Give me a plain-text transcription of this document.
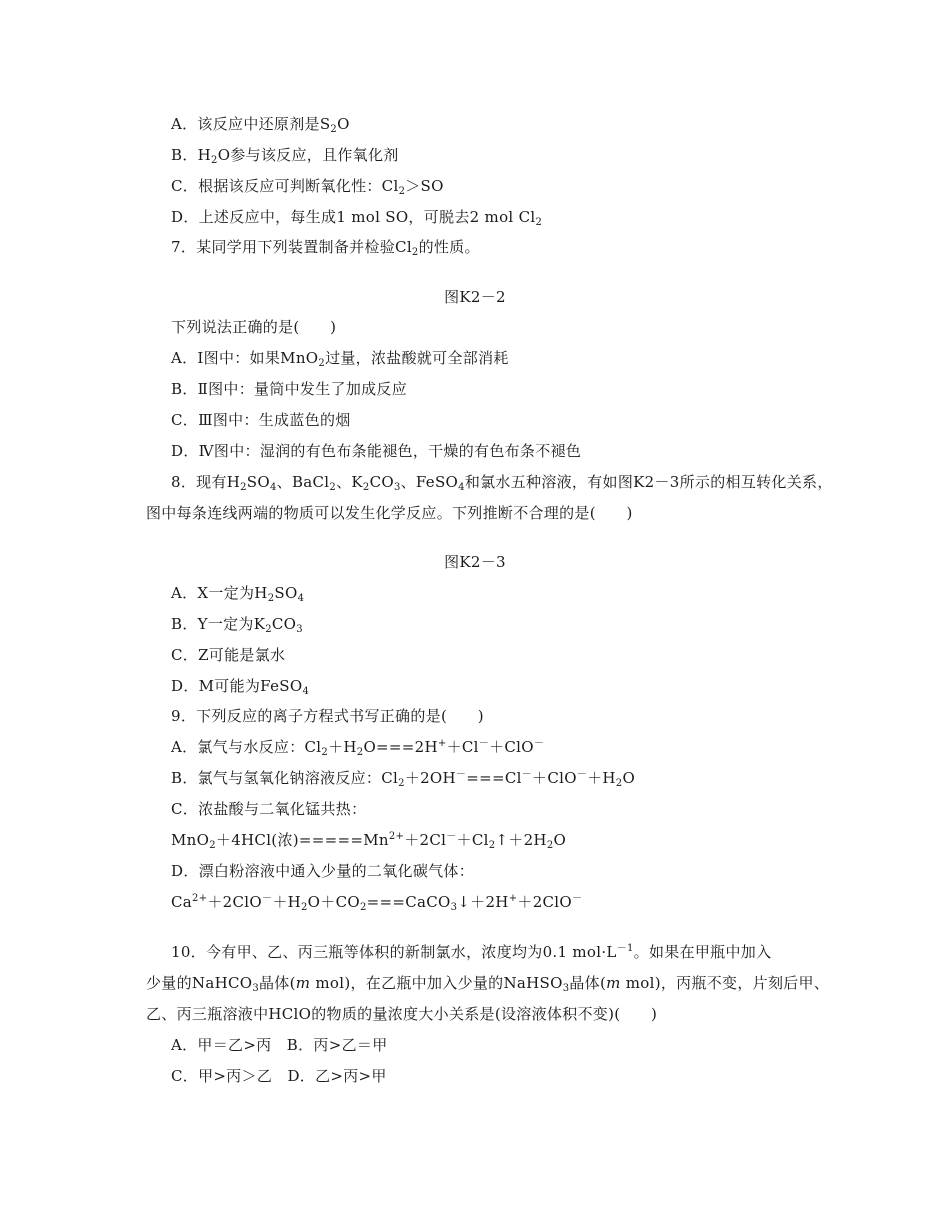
A．该反应中还原剂是$S_2O$
B．$H_2O$参与该反应，且作氧化剂
C．根据该反应可判断氧化性：$Cl_2>SO$
D．上述反应中，每生成1 mol SO，可脱去2 mol $Cl_2$
7．某同学用下列装置制备并检验$Cl_2$的性质。
图K2－2
下列说法正确的是(　　)
A．Ⅰ图中：如果MnO$_2$过量，浓盐酸就可全部消耗
B．Ⅱ图中：量筒中发生了加成反应
C．Ⅲ图中：生成蓝色的烟
D．Ⅳ图中：湿润的有色布条能褪色，干燥的有色布条不褪色
8．现有$H_2SO_4$、BaCl$_2$、$K_2CO_3$、FeSO$_4$和氯水五种溶液，有如图K2－3所示的相互转化关系，
图中每条连线两端的物质可以发生化学反应。下列推断不合理的是(　　)
图K2－3
A．X一定为$H_2SO_4$
B．Y一定为$K_2CO_3$
C．Z可能是氯水
D．M可能为FeSO$_4$
9．下列反应的离子方程式书写正确的是(　　)
A．氯气与水反应：$Cl_2+H_2O===2H^++Cl^-+ClO^-$
B．氯气与氢氧化钠溶液反应：$Cl_2+2OH^-===Cl^-+ClO^-+H_2O$
C．浓盐酸与二氧化锰共热：
MnO$_2$＋4HCl(浓)$=====Mn^{2+}+2Cl^-+Cl_2↑+2H_2O$
D．漂白粉溶液中通入少量的二氧化碳气体：
$Ca^{2+}+2ClO^-+H_2O+CO_2===CaCO_3↓+2H^++2ClO^-$
10．今有甲、乙、丙三瓶等体积的新制氯水，浓度均为0.1 $mol\cdot L^{-1}$。如果在甲瓶中加入
少量的NaHCO$_3$晶体(m mol)，在乙瓶中加入少量的NaHSO$_3$晶体(m mol)，丙瓶不变，片刻后甲、
乙、丙三瓶溶液中HClO的物质的量浓度大小关系是(设溶液体积不变)(　　)
A．甲＝乙>丙　B．丙>乙＝甲
C．甲>丙＞乙　D．乙>丙>甲
